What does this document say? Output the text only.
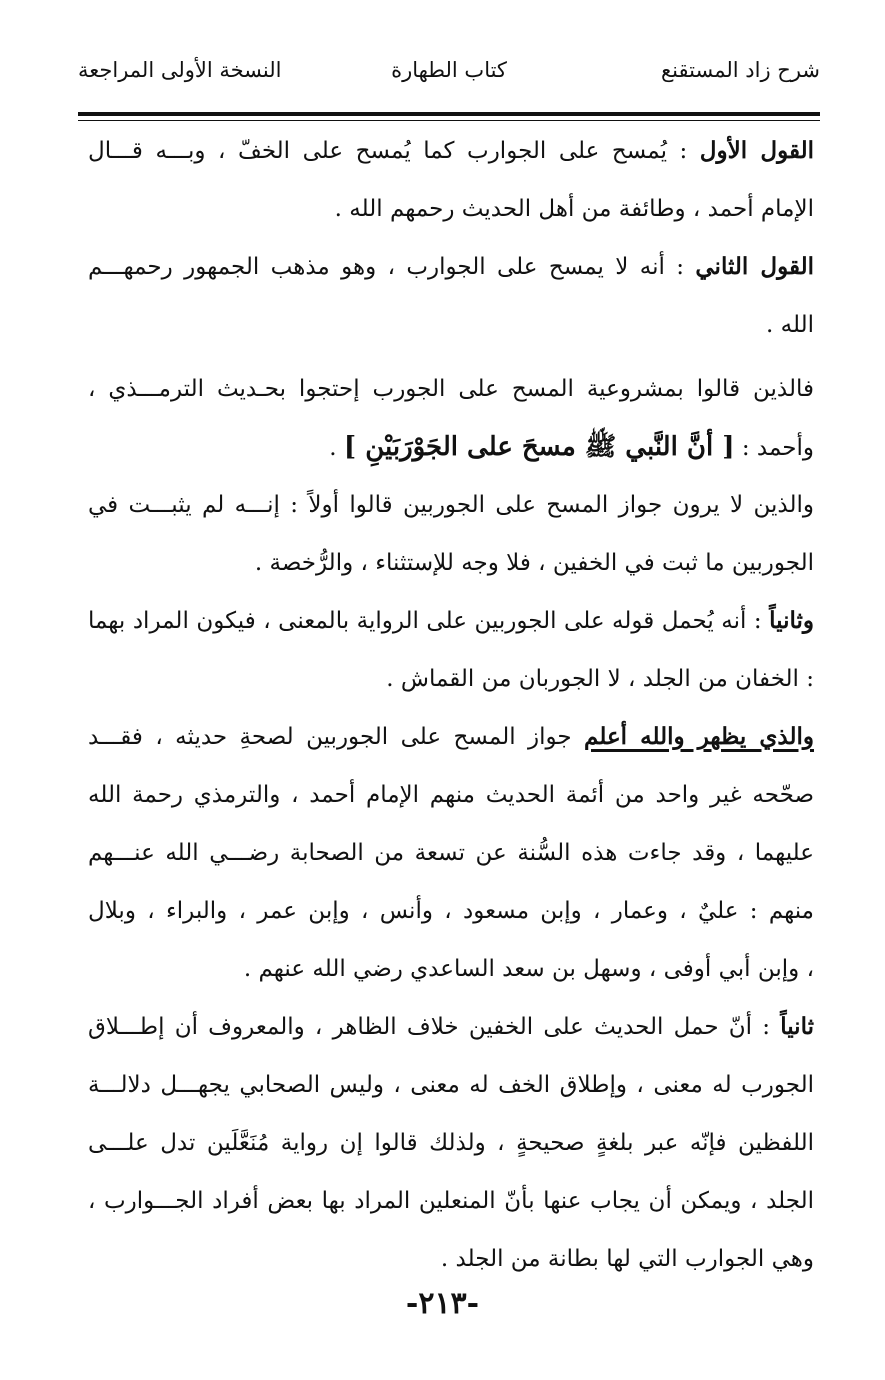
شرح زاد المستقنع
كتاب الطهارة
النسخة الأولى المراجعة
القول الأول : يُمسح على الجوارب كما يُمسح على الخفّ ، وبـــه قـــال
الإمام أحمد ، وطائفة من أهل الحديث رحمهم الله .
القول الثاني : أنه لا يمسح على الجوارب ، وهو مذهب الجمهور رحمهـــم
الله .
فالذين قالوا بمشروعية المسح على الجورب إحتجوا بحـديث الترمـــذي ،
وأحمد : [ أنَّ النَّبي ﷺ مسحَ على الجَوْرَبَيْنِ ] .
والذين لا يرون جواز المسح على الجوربين قالوا أولاً : إنـــه لم يثبـــت في
الجوربين ما ثبت في الخفين ، فلا وجه للإستثناء ، والرُّخصة .
وثانياً : أنه يُحمل قوله على الجوربين على الرواية بالمعنى ، فيكون المراد بهما
: الخفان من الجلد ، لا الجوربان من القماش .
والذي يظهر والله أعلم جواز المسح على الجوربين لصحةِ حديثه ، فقـــد
صحّحه غير واحد من أئمة الحديث منهم الإمام أحمد ، والترمذي رحمة الله
عليهما ، وقد جاءت هذه السُّنة عن تسعة من الصحابة رضـــي الله عنـــهم
منهم : عليٌ ، وعمار ، وإبن مسعود ، وأنس ، وإبن عمر ، والبراء ، وبلال
، وإبن أبي أوفى ، وسهل بن سعد الساعدي رضي الله عنهم .
ثانياً : أنّ حمل الحديث على الخفين خلاف الظاهر ، والمعروف أن إطـــلاق
الجورب له معنى ، وإطلاق الخف له معنى ، وليس الصحابي يجهـــل دلالـــة
اللفظين فإنّه عبر بلغةٍ صحيحةٍ ، ولذلك قالوا إن رواية مُنَعَّلَين تدل علـــى
الجلد ، ويمكن أن يجاب عنها بأنّ المنعلين المراد بها بعض أفراد الجـــوارب ،
وهي الجوارب التي لها بطانة من الجلد .
-٢١٣-
